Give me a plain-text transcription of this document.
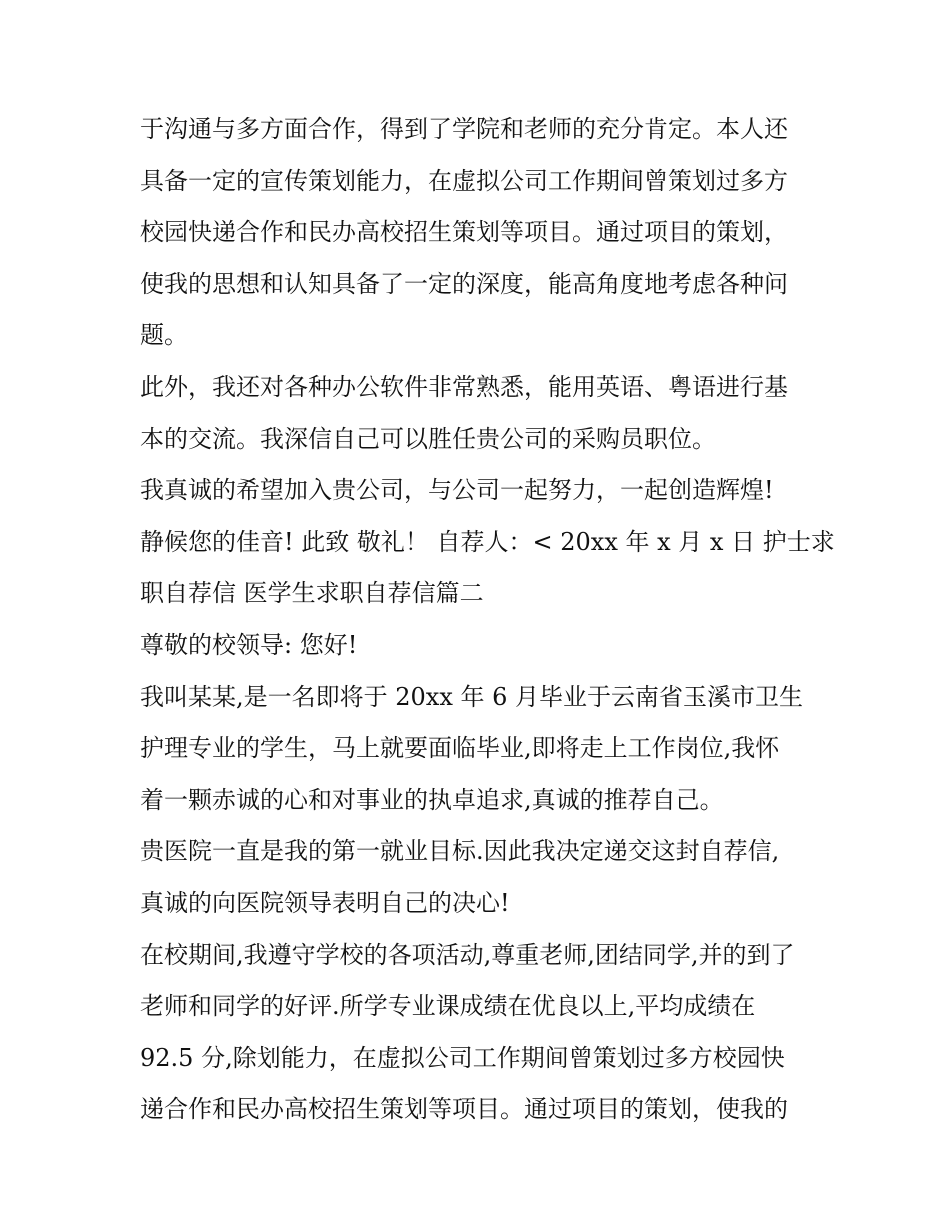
于沟通与多方面合作，得到了学院和老师的充分肯定。本人还
具备一定的宣传策划能力，在虚拟公司工作期间曾策划过多方
校园快递合作和民办高校招生策划等项目。通过项目的策划，
使我的思想和认知具备了一定的深度，能高角度地考虑各种问
题。
此外，我还对各种办公软件非常熟悉，能用英语、粤语进行基
本的交流。我深信自己可以胜任贵公司的采购员职位。
我真诚的希望加入贵公司，与公司一起努力，一起创造辉煌!
静候您的佳音! 此致 敬礼！ 自荐人：< 20xx 年 x 月 x 日 护士求
职自荐信 医学生求职自荐信篇二
尊敬的校领导: 您好!
我叫某某,是一名即将于 20xx 年 6 月毕业于云南省玉溪市卫生
护理专业的学生，马上就要面临毕业,即将走上工作岗位,我怀
着一颗赤诚的心和对事业的执卓追求,真诚的推荐自己。
贵医院一直是我的第一就业目标.因此我决定递交这封自荐信,
真诚的向医院领导表明自己的决心!
在校期间,我遵守学校的各项活动,尊重老师,团结同学,并的到了
老师和同学的好评.所学专业课成绩在优良以上,平均成绩在
92.5 分,除划能力，在虚拟公司工作期间曾策划过多方校园快
递合作和民办高校招生策划等项目。通过项目的策划，使我的
